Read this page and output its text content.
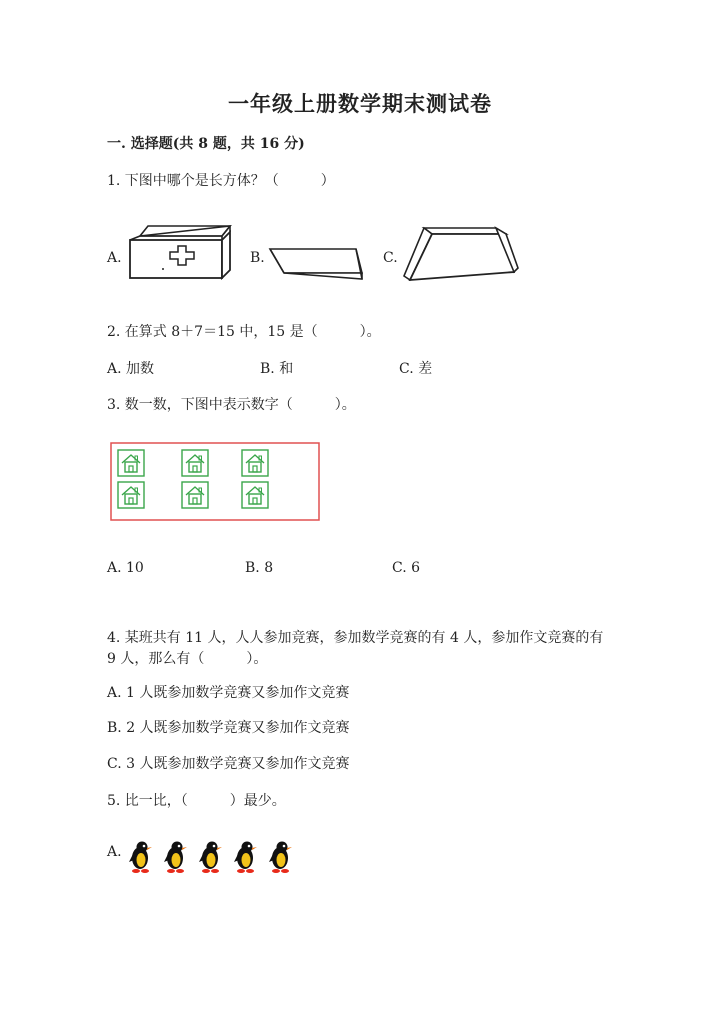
一年级上册数学期末测试卷
一. 选择题(共 8 题，共 16 分)
1. 下图中哪个是长方体？（　　　）
A.	B.	C.
2. 在算式 8＋7＝15 中，15 是（　　　）。
A. 加数	B. 和	C. 差
3. 数一数，下图中表示数字（　　　）。
A. 10	B. 8	C. 6
4. 某班共有 11 人，人人参加竞赛，参加数学竞赛的有 4 人，参加作文竞赛的有
9 人，那么有（　　　）。
A. 1 人既参加数学竞赛又参加作文竞赛
B. 2 人既参加数学竞赛又参加作文竞赛
C. 3 人既参加数学竞赛又参加作文竞赛
5. 比一比，（　　　）最少。
A.
